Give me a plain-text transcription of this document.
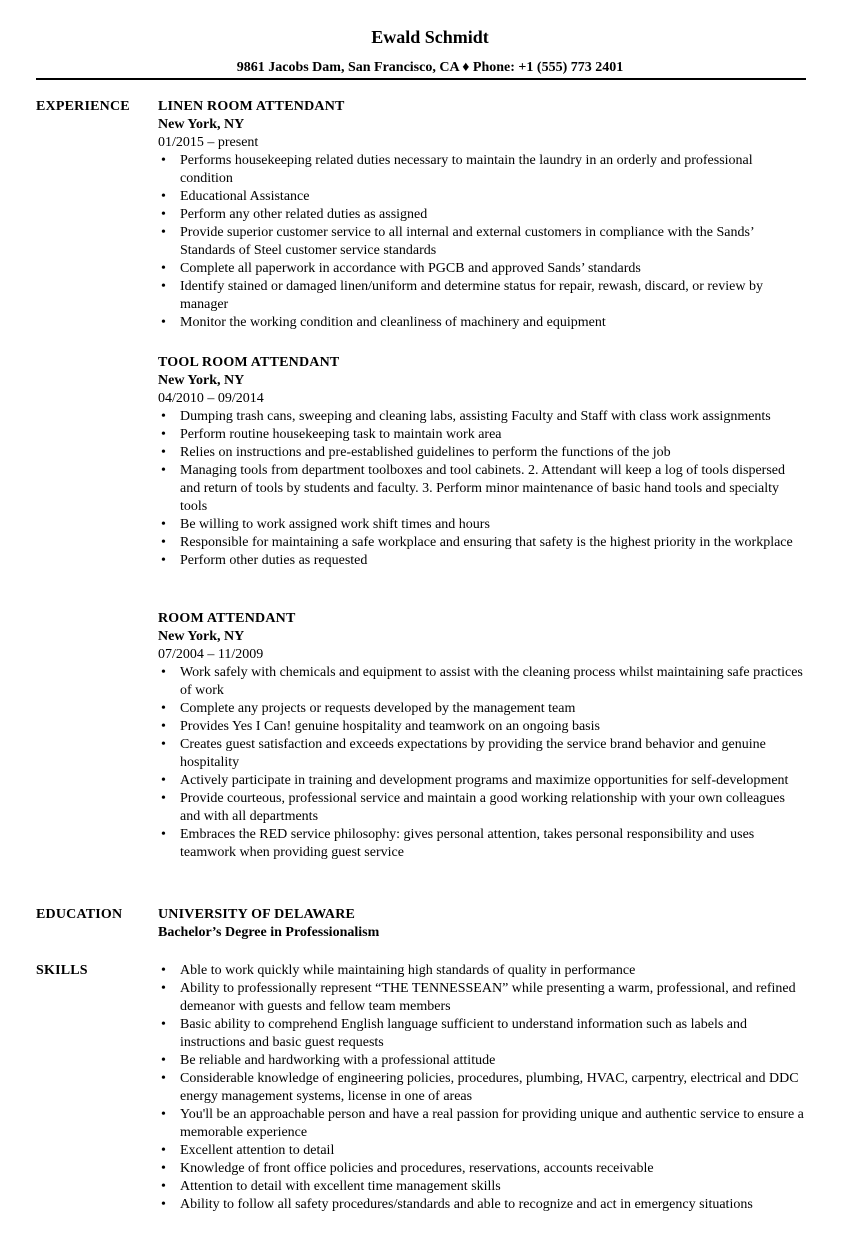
Ewald Schmidt
9861 Jacobs Dam, San Francisco, CA ♦ Phone: +1 (555) 773 2401
EXPERIENCE LINEN ROOM ATTENDANT
New York, NY
01/2015 – present
• Performs housekeeping related duties necessary to maintain the laundry in an orderly and professional condition
• Educational Assistance
• Perform any other related duties as assigned
• Provide superior customer service to all internal and external customers in compliance with the Sands’ Standards of Steel customer service standards
• Complete all paperwork in accordance with PGCB and approved Sands’ standards
• Identify stained or damaged linen/uniform and determine status for repair, rewash, discard, or review by manager
• Monitor the working condition and cleanliness of machinery and equipment
TOOL ROOM ATTENDANT
New York, NY
04/2010 – 09/2014
• Dumping trash cans, sweeping and cleaning labs, assisting Faculty and Staff with class work assignments
• Perform routine housekeeping task to maintain work area
• Relies on instructions and pre-established guidelines to perform the functions of the job
• Managing tools from department toolboxes and tool cabinets. 2. Attendant will keep a log of tools dispersed and return of tools by students and faculty. 3. Perform minor maintenance of basic hand tools and specialty tools
• Be willing to work assigned work shift times and hours
• Responsible for maintaining a safe workplace and ensuring that safety is the highest priority in the workplace
• Perform other duties as requested
ROOM ATTENDANT
New York, NY
07/2004 – 11/2009
• Work safely with chemicals and equipment to assist with the cleaning process whilst maintaining safe practices of work
• Complete any projects or requests developed by the management team
• Provides Yes I Can! genuine hospitality and teamwork on an ongoing basis
• Creates guest satisfaction and exceeds expectations by providing the service brand behavior and genuine hospitality
• Actively participate in training and development programs and maximize opportunities for self-development
• Provide courteous, professional service and maintain a good working relationship with your own colleagues and with all departments
• Embraces the RED service philosophy: gives personal attention, takes personal responsibility and uses teamwork when providing guest service
EDUCATION	UNIVERSITY OF DELAWARE
Bachelor’s Degree in Professionalism
SKILLS	• Able to work quickly while maintaining high standards of quality in performance
• Ability to professionally represent “THE TENNESSEAN” while presenting a warm, professional, and refined demeanor with guests and fellow team members
• Basic ability to comprehend English language sufficient to understand information such as labels and instructions and basic guest requests
• Be reliable and hardworking with a professional attitude
• Considerable knowledge of engineering policies, procedures, plumbing, HVAC, carpentry, electrical and DDC energy management systems, license in one of areas
• You'll be an approachable person and have a real passion for providing unique and authentic service to ensure a memorable experience
• Excellent attention to detail
• Knowledge of front office policies and procedures, reservations, accounts receivable
• Attention to detail with excellent time management skills
• Ability to follow all safety procedures/standards and able to recognize and act in emergency situations
